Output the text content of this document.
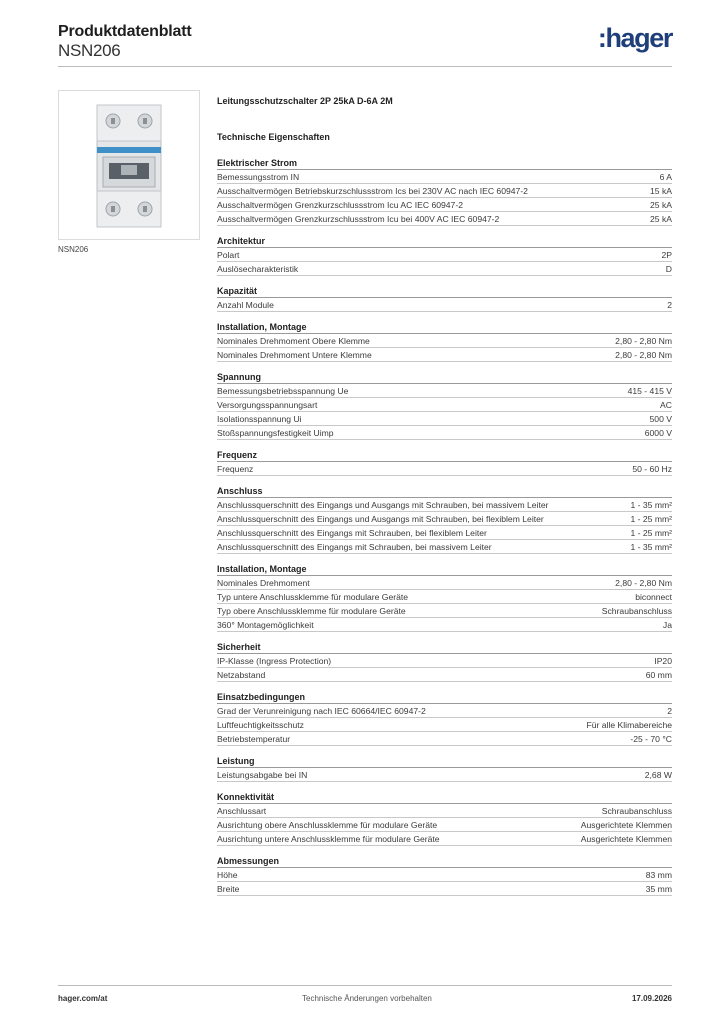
Produktdatenblatt
NSN206	:hager
NSN206
Leitungsschutzschalter 2P 25kA D-6A 2M
Technische Eigenschaften
Elektrischer Strom
Bemessungsstrom IN	6 A
Ausschaltvermögen Betriebskurzschlussstrom Ics bei 230V AC nach IEC 60947-2	15 kA
Ausschaltvermögen Grenzkurzschlussstrom Icu AC IEC 60947-2	25 kA
Ausschaltvermögen Grenzkurzschlussstrom Icu bei 400V AC IEC 60947-2	25 kA
Architektur
Polart	2P
Auslösecharakteristik	D
Kapazität
Anzahl Module	2
Installation, Montage
Nominales Drehmoment Obere Klemme	2,80 - 2,80 Nm
Nominales Drehmoment Untere Klemme	2,80 - 2,80 Nm
Spannung
Bemessungsbetriebsspannung Ue	415 - 415 V
Versorgungsspannungsart	AC
Isolationsspannung Ui	500 V
Stoßspannungsfestigkeit Uimp	6000 V
Frequenz
Frequenz	50 - 60 Hz
Anschluss
Anschlussquerschnitt des Eingangs und Ausgangs mit Schrauben, bei massivem Leiter	1 - 35 mm²
Anschlussquerschnitt des Eingangs und Ausgangs mit Schrauben, bei flexiblem Leiter	1 - 25 mm²
Anschlussquerschnitt des Eingangs mit Schrauben, bei flexiblem Leiter	1 - 25 mm²
Anschlussquerschnitt des Eingangs mit Schrauben, bei massivem Leiter	1 - 35 mm²
Installation, Montage
Nominales Drehmoment	2,80 - 2,80 Nm
Typ untere Anschlussklemme für modulare Geräte	biconnect
Typ obere Anschlussklemme für modulare Geräte	Schraubanschluss
360° Montagemöglichkeit	Ja
Sicherheit
IP-Klasse (Ingress Protection)	IP20
Netzabstand	60 mm
Einsatzbedingungen
Grad der Verunreinigung nach IEC 60664/IEC 60947-2	2
Luftfeuchtigkeitsschutz	Für alle Klimabereiche
Betriebstemperatur	-25 - 70 °C
Leistung
Leistungsabgabe bei IN	2,68 W
Konnektivität
Anschlussart	Schraubanschluss
Ausrichtung obere Anschlussklemme für modulare Geräte	Ausgerichtete Klemmen
Ausrichtung untere Anschlussklemme für modulare Geräte	Ausgerichtete Klemmen
Abmessungen
Höhe	83 mm
Breite	35 mm
hager.com/at	Technische Änderungen vorbehalten	17.09.2026
